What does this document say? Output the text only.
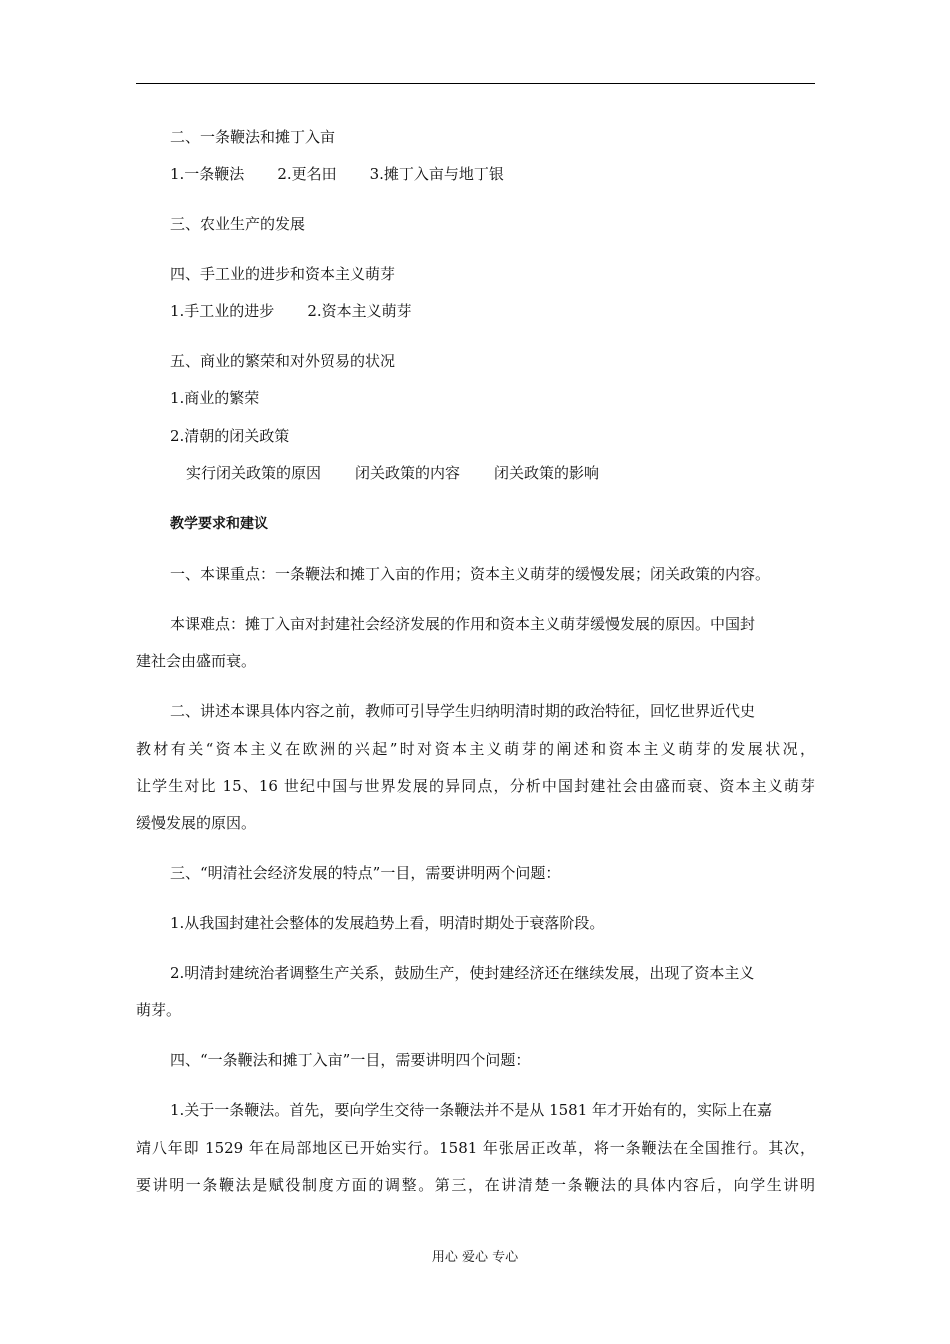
二、一条鞭法和摊丁入亩
1.一条鞭法 2.更名田 3.摊丁入亩与地丁银
三、农业生产的发展
四、手工业的进步和资本主义萌芽
1.手工业的进步 2.资本主义萌芽
五、商业的繁荣和对外贸易的状况
1.商业的繁荣
2.清朝的闭关政策
实行闭关政策的原因 闭关政策的内容 闭关政策的影响
教学要求和建议
一、本课重点：一条鞭法和摊丁入亩的作用；资本主义萌芽的缓慢发展；闭关政策的内容。
本课难点：摊丁入亩对封建社会经济发展的作用和资本主义萌芽缓慢发展的原因。中国封
建社会由盛而衰。
二、讲述本课具体内容之前，教师可引导学生归纳明清时期的政治特征，回忆世界近代史
教材有关“资本主义在欧洲的兴起”时对资本主义萌芽的阐述和资本主义萌芽的发展状况，
让学生对比 15、16 世纪中国与世界发展的异同点，分析中国封建社会由盛而衰、资本主义萌芽
缓慢发展的原因。
三、“明清社会经济发展的特点”一目，需要讲明两个问题：
1.从我国封建社会整体的发展趋势上看，明清时期处于衰落阶段。
2.明清封建统治者调整生产关系，鼓励生产，使封建经济还在继续发展，出现了资本主义
萌芽。
四、“一条鞭法和摊丁入亩”一目，需要讲明四个问题：
1.关于一条鞭法。首先，要向学生交待一条鞭法并不是从 1581 年才开始有的，实际上在嘉
靖八年即 1529 年在局部地区已开始实行。1581 年张居正改革，将一条鞭法在全国推行。其次，
要讲明一条鞭法是赋役制度方面的调整。第三，在讲清楚一条鞭法的具体内容后，向学生讲明
用心 爱心 专心
